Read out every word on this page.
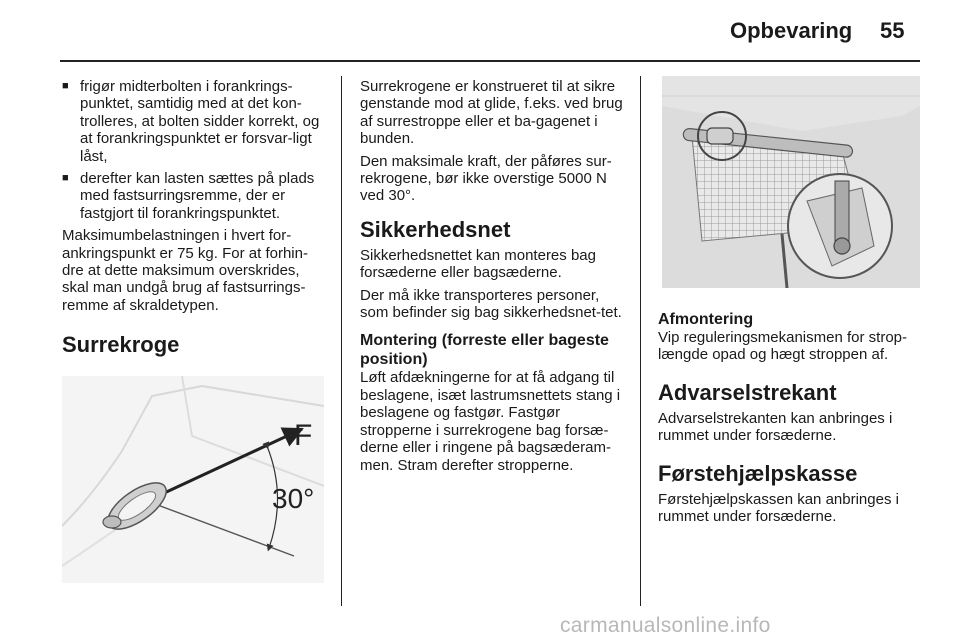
Opbevaring 55
■ frigør midterbolten i forankrings-punktet, samtidig med at det kon-trolleres, at bolten sidder korrekt, og at forankringspunktet er forsvar-ligt låst,
■ derefter kan lasten sættes på plads med fastsurringsremme, der er fastgjort til forankringspunktet.

Maksimumbelastningen i hvert for-ankringspunkt er 75 kg. For at forhin-dre at dette maksimum overskrides, skal man undgå brug af fastsurrings-remme af skraldetypen.

Surrekroge
F
30°

Surrekrogene er konstrueret til at sikre genstande mod at glide, f.eks. ved brug af surrestroppe eller et ba-gagenet i bunden.

Den maksimale kraft, der påføres sur-rekrogene, bør ikke overstige 5000 N ved 30°.

Sikkerhedsnet

Sikkerhedsnettet kan monteres bag forsæderne eller bagsæderne.

Der må ikke transporteres personer, som befinder sig bag sikkerhedsnet-tet.

Montering (forreste eller bageste position)

Løft afdækningerne for at få adgang til beslagene, isæt lastrumsnettets stang i beslagene og fastgør. Fastgør stropperne i surrekrogene bag forsæ-derne eller i ringene på bagsæderam-men. Stram derefter stropperne.

Afmontering

Vip reguleringsmekanismen for strop-længde opad og hægt stroppen af.

Advarselstrekant

Advarselstrekanten kan anbringes i rummet under forsæderne.

Førstehjælpskasse

Førstehjælpskassen kan anbringes i rummet under forsæderne.

carmanualsonline.info
